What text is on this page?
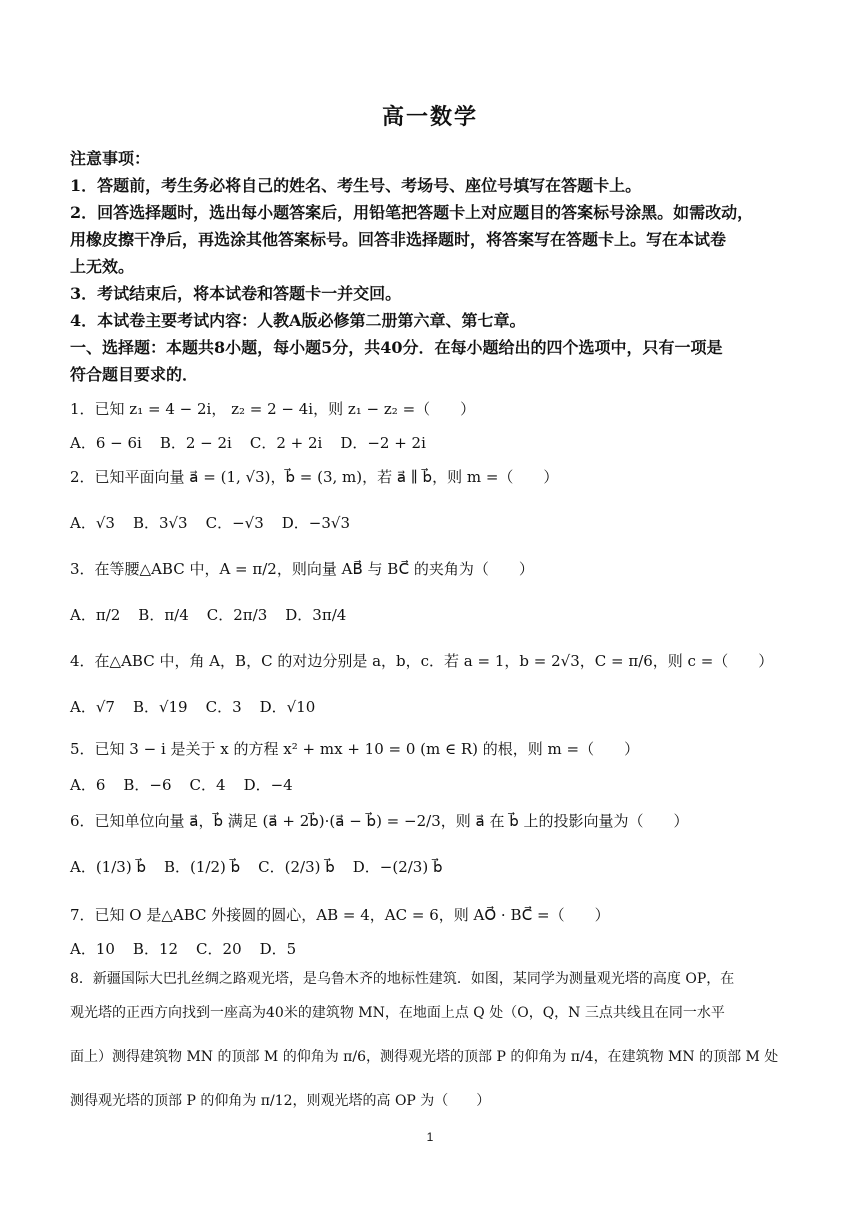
高一数学
注意事项：
1．答题前，考生务必将自己的姓名、考生号、考场号、座位号填写在答题卡上。
2．回答选择题时，选出每小题答案后，用铅笔把答题卡上对应题目的答案标号涂黑。如需改动，
用橡皮擦干净后，再选涂其他答案标号。回答非选择题时，将答案写在答题卡上。写在本试卷
上无效。
3．考试结束后，将本试卷和答题卡一并交回。
4．本试卷主要考试内容：人教A版必修第二册第六章、第七章。
一、选择题：本题共8小题，每小题5分，共40分．在每小题给出的四个选项中，只有一项是
符合题目要求的．
1．已知 z₁ = 4 − 2i， z₂ = 2 − 4i，则 z₁ − z₂ =（　　）
A．6 − 6i B．2 − 2i C．2 + 2i D．−2 + 2i
2．已知平面向量 a⃗ = (1, √3)，b⃗ = (3, m)，若 a⃗ ∥ b⃗，则 m =（　　）
A．√3 B．3√3 C．−√3 D．−3√3
3．在等腰△ABC 中，A = π/2，则向量 AB⃗ 与 BC⃗ 的夹角为（　　）
A．π/2 B．π/4 C．2π/3 D．3π/4
4．在△ABC 中，角 A，B，C 的对边分别是 a，b，c．若 a = 1，b = 2√3，C = π/6，则 c =（　　）
A．√7 B．√19 C．3 D．√10
5．已知 3 − i 是关于 x 的方程 x² + mx + 10 = 0 (m ∈ R) 的根，则 m =（　　）
A．6 B．−6 C．4 D．−4
6．已知单位向量 a⃗，b⃗ 满足 (a⃗ + 2b⃗)·(a⃗ − b⃗) = −2/3，则 a⃗ 在 b⃗ 上的投影向量为（　　）
A．(1/3) b⃗ B．(1/2) b⃗ C．(2/3) b⃗ D．−(2/3) b⃗
7．已知 O 是△ABC 外接圆的圆心，AB = 4，AC = 6，则 AO⃗ · BC⃗ =（　　）
A．10 B．12 C．20 D．5
8．新疆国际大巴扎丝绸之路观光塔，是乌鲁木齐的地标性建筑．如图，某同学为测量观光塔的高度 OP，在
观光塔的正西方向找到一座高为40米的建筑物 MN，在地面上点 Q 处（O，Q，N 三点共线且在同一水平
面上）测得建筑物 MN 的顶部 M 的仰角为 π/6，测得观光塔的顶部 P 的仰角为 π/4，在建筑物 MN 的顶部 M 处
测得观光塔的顶部 P 的仰角为 π/12，则观光塔的高 OP 为（　　）
1
